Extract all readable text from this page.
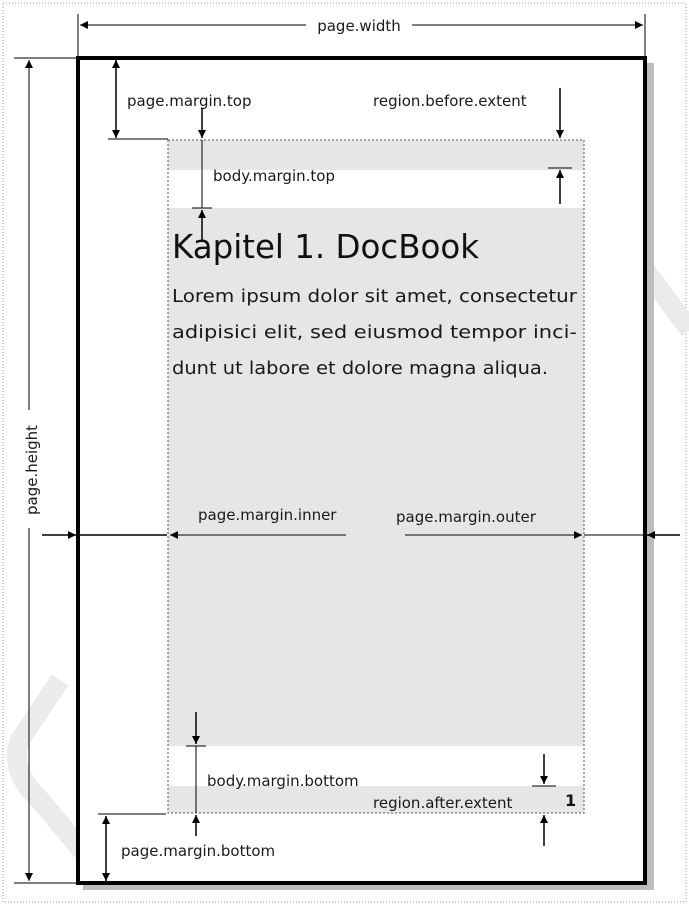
page.width
page.height
page.margin.top
body.margin.top
region.before.extent
Kapitel 1. DocBook
Lorem ipsum dolor sit amet, consectetur
adipisici elit, sed eiusmod tempor inci-
dunt ut labore et dolore magna aliqua.
page.margin.inner	page.margin.outer
body.margin.bottom
region.after.extent	1
page.margin.bottom
